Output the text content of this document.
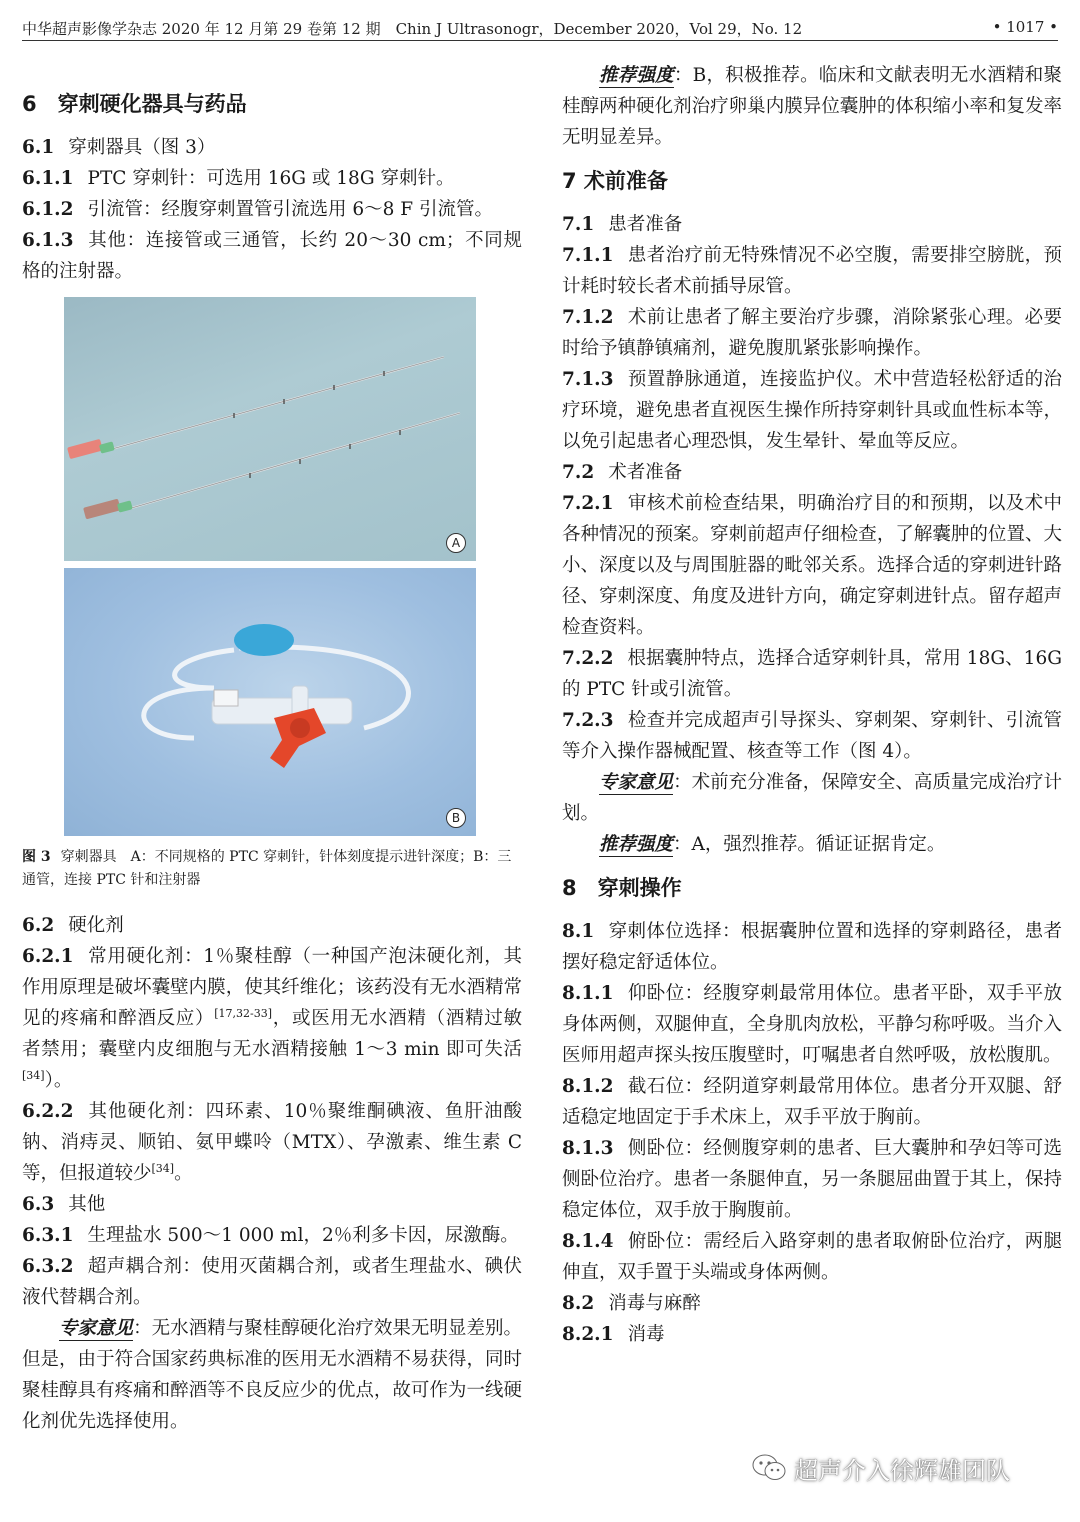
中华超声影像学杂志 2020 年 12 月第 29 卷第 12 期　Chin J Ultrasonogr，December 2020，Vol 29，No. 12	• 1017 •

6　穿刺硬化器具与药品

6.1 穿刺器具（图 3）

6.1.1 PTC 穿刺针：可选用 16G 或 18G 穿刺针。

6.1.2 引流管：经腹穿刺置管引流选用 6～8 F 引流管。

6.1.3 其他：连接管或三通管，长约 20～30 cm；不同规格的注射器。

A
B

图 3 穿刺器具　A：不同规格的 PTC 穿刺针，针体刻度提示进针深度；B：三通管，连接 PTC 针和注射器

6.2 硬化剂

6.2.1 常用硬化剂：1％聚桂醇（一种国产泡沫硬化剂，其作用原理是破坏囊壁内膜，使其纤维化；该药没有无水酒精常见的疼痛和醉酒反应）[17,32-33]，或医用无水酒精（酒精过敏者禁用；囊壁内皮细胞与无水酒精接触 1～3 min 即可失活[34]）。

6.2.2 其他硬化剂：四环素、10％聚维酮碘液、鱼肝油酸钠、消痔灵、顺铂、氨甲蝶呤（MTX）、孕激素、维生素 C 等，但报道较少[34]。

6.3 其他

6.3.1 生理盐水 500～1 000 ml，2％利多卡因，尿激酶。

6.3.2 超声耦合剂：使用灭菌耦合剂，或者生理盐水、碘伏液代替耦合剂。

专家意见：无水酒精与聚桂醇硬化治疗效果无明显差别。但是，由于符合国家药典标准的医用无水酒精不易获得，同时聚桂醇具有疼痛和醉酒等不良反应少的优点，故可作为一线硬化剂优先选择使用。

推荐强度：B，积极推荐。临床和文献表明无水酒精和聚桂醇两种硬化剂治疗卵巢内膜异位囊肿的体积缩小率和复发率无明显差异。

7 术前准备

7.1 患者准备

7.1.1 患者治疗前无特殊情况不必空腹，需要排空膀胱，预计耗时较长者术前插导尿管。

7.1.2 术前让患者了解主要治疗步骤，消除紧张心理。必要时给予镇静镇痛剂，避免腹肌紧张影响操作。

7.1.3 预置静脉通道，连接监护仪。术中营造轻松舒适的治疗环境，避免患者直视医生操作所持穿刺针具或血性标本等，以免引起患者心理恐惧，发生晕针、晕血等反应。

7.2 术者准备

7.2.1 审核术前检查结果，明确治疗目的和预期，以及术中各种情况的预案。穿刺前超声仔细检查，了解囊肿的位置、大小、深度以及与周围脏器的毗邻关系。选择合适的穿刺进针路径、穿刺深度、角度及进针方向，确定穿刺进针点。留存超声检查资料。

7.2.2 根据囊肿特点，选择合适穿刺针具，常用 18G、16G 的 PTC 针或引流管。

7.2.3 检查并完成超声引导探头、穿刺架、穿刺针、引流管等介入操作器械配置、核查等工作（图 4）。

专家意见：术前充分准备，保障安全、高质量完成治疗计划。

推荐强度：A，强烈推荐。循证证据肯定。

8　穿刺操作

8.1 穿刺体位选择：根据囊肿位置和选择的穿刺路径，患者摆好稳定舒适体位。

8.1.1 仰卧位：经腹穿刺最常用体位。患者平卧，双手平放身体两侧，双腿伸直，全身肌肉放松，平静匀称呼吸。当介入医师用超声探头按压腹壁时，叮嘱患者自然呼吸，放松腹肌。

8.1.2 截石位：经阴道穿刺最常用体位。患者分开双腿、舒适稳定地固定于手术床上，双手平放于胸前。

8.1.3 侧卧位：经侧腹穿刺的患者、巨大囊肿和孕妇等可选侧卧位治疗。患者一条腿伸直，另一条腿屈曲置于其上，保持稳定体位，双手放于胸腹前。

8.1.4 俯卧位：需经后入路穿刺的患者取俯卧位治疗，两腿伸直，双手置于头端或身体两侧。

8.2 消毒与麻醉

8.2.1 消毒

超声介入徐辉雄团队
